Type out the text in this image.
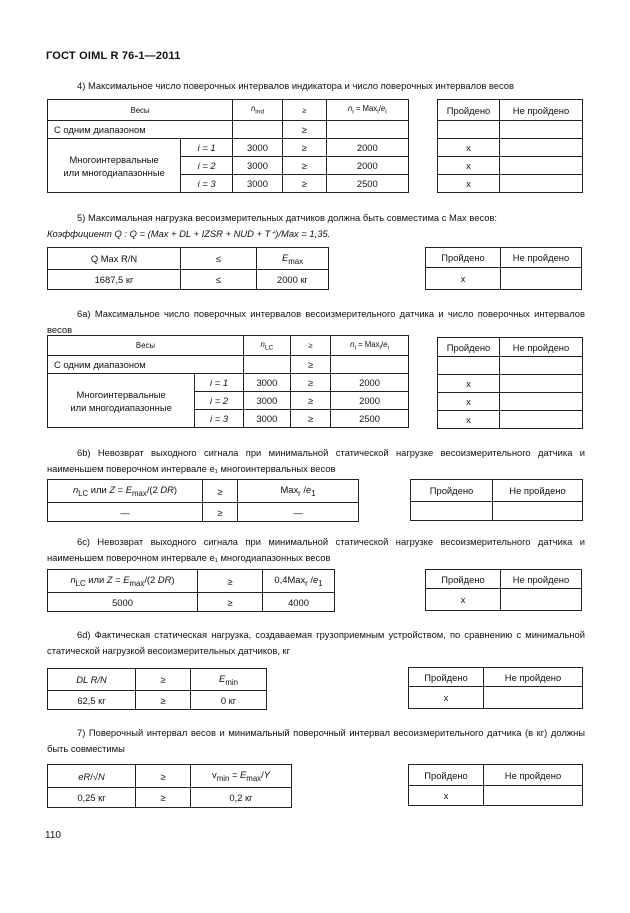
ГОСТ OIML R 76-1—2011
4) Максимальное число поверочных интервалов индикатора и число поверочных интервалов весов
Весы		$n_{ind}$	≥	$n_i = Max_i/e_i$
С одним диапазоном			≥	
Многоинтервальные
или многодиапазонные	i = 1	3000	≥	2000
	i = 2	3000	≥	2000
	i = 3	3000	≥	2500
Пройдено	Не пройдено

x	
x	
x	
5) Максимальная нагрузка весоизмерительных датчиков должна быть совместима с Max весов:
Коэффициент Q : Q = (Max + DL + IZSR + NUD + T⁺)/Max = 1,35.
Q Max R/N	≤	$E_{max}$
1687,5 кг	≤	2000 кг
Пройдено	Не пройдено
x	
6а) Максимальное число поверочных интервалов весоизмерительного датчика и число поверочных интервалов весов
Весы		$n_{LC}$	≥	$n_i = Max_i/e_i$
С одним диапазоном			≥	
Многоинтервальные
или многодиапазонные	i = 1	3000	≥	2000
	i = 2	3000	≥	2000
	i = 3	3000	≥	2500
Пройдено	Не пройдено

x	
x	
x	
6b) Невозврат выходного сигнала при минимальной статической нагрузке весоизмерительного датчика и наименьшем поверочном интервале e₁ многоинтервальных весов
$n_{LC}$ или $Z = E_{max}/(2$ DR)	≥	Max$_r$ $/e_1$
—	≥	—
Пройдено	Не пройдено

6с) Невозврат выходного сигнала при минимальной статической нагрузке весоизмерительного датчика и наименьшем поверочном интервале e₁ многодиапазонных весов
$n_{LC}$ или $Z = E_{max}/(2$ DR)	≥	0,4Max$_r$ $/e_1$
5000	≥	4000
Пройдено	Не пройдено
x	
6d) Фактическая статическая нагрузка, создаваемая грузоприемным устройством, по сравнению с минимальной статической нагрузкой весоизмерительных датчиков, кг
DL R/N	≥	$E_{min}$
62,5 кг	≥	0 кг
Пройдено	Не пройдено
x	
7) Поверочный интервал весов и минимальный поверочный интервал весоизмерительного датчика (в кг) должны быть совместимы
eR/√N	≥	$v_{min} = E_{max}/Y$
0,25 кг	≥	0,2 кг
Пройдено	Не пройдено
x	
110
